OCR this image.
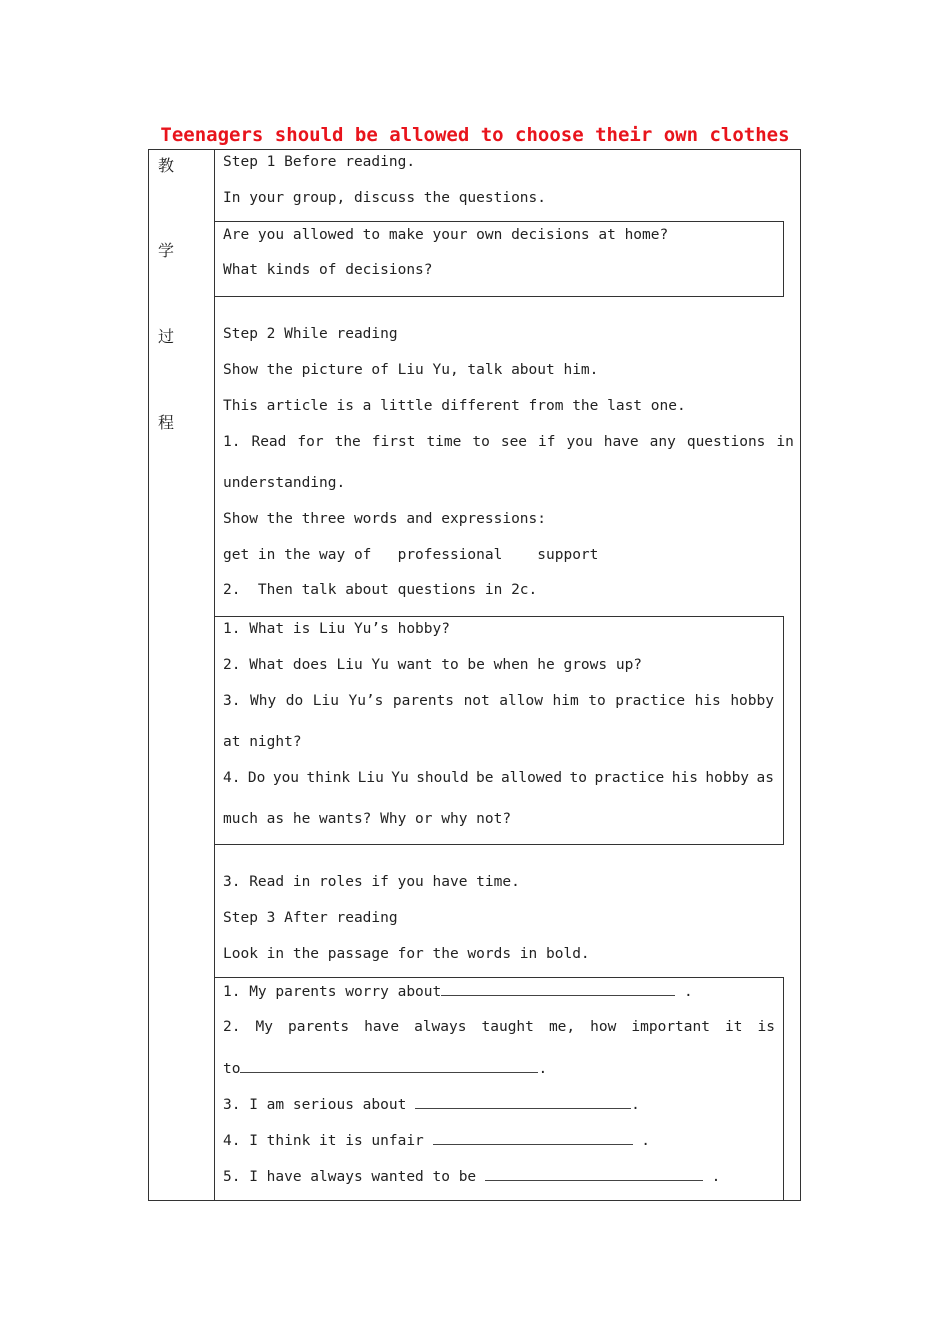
Teenagers should be allowed to choose their own clothes
教
学
过
程
Step 1 Before reading.
In your group, discuss the questions.
Are you allowed to make your own decisions at home?
What kinds of decisions?
Step 2 While reading
Show the picture of Liu Yu, talk about him.
This article is a little different from the last one.
1. Read for the first time to see if you have any questions in
understanding.
Show the three words and expressions:
get in the way of   professional    support
2.  Then talk about questions in 2c.
1. What is Liu Yu’s hobby?
2. What does Liu Yu want to be when he grows up?
3. Why do Liu Yu’s parents not allow him to practice his hobby
at night?
4. Do you think Liu Yu should be allowed to practice his hobby as
much as he wants? Why or why not?
3. Read in roles if you have time.
Step 3 After reading
Look in the passage for the words in bold.
1. My parents worry about	.
2. My parents have always taught me, how important it is
to	.
3. I am serious about	.
4. I think it is unfair	.
5. I have always wanted to be	.
